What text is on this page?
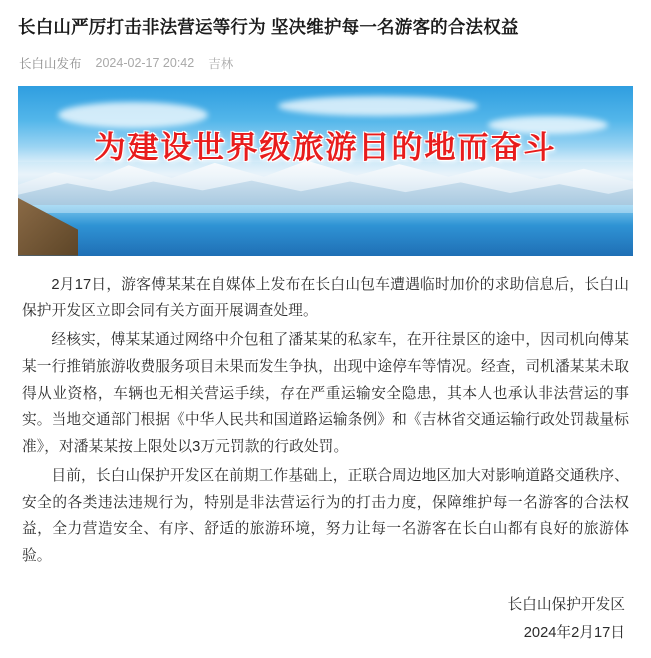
长白山严厉打击非法营运等行为 坚决维护每一名游客的合法权益
长白山发布 2024-02-17 20:42 吉林
为建设世界级旅游目的地而奋斗

2月17日，游客傅某某在自媒体上发布在长白山包车遭遇临时加价的求助信息后，长白山保护开发区立即会同有关方面开展调查处理。

经核实，傅某某通过网络中介包租了潘某某的私家车，在开往景区的途中，因司机向傅某某一行推销旅游收费服务项目未果而发生争执，出现中途停车等情况。经查，司机潘某某未取得从业资格，车辆也无相关营运手续，存在严重运输安全隐患，其本人也承认非法营运的事实。当地交通部门根据《中华人民共和国道路运输条例》和《吉林省交通运输行政处罚裁量标准》，对潘某某按上限处以3万元罚款的行政处罚。

目前，长白山保护开发区在前期工作基础上，正联合周边地区加大对影响道路交通秩序、安全的各类违法违规行为，特别是非法营运行为的打击力度，保障维护每一名游客的合法权益，全力营造安全、有序、舒适的旅游环境，努力让每一名游客在长白山都有良好的旅游体验。

长白山保护开发区
2024年2月17日
